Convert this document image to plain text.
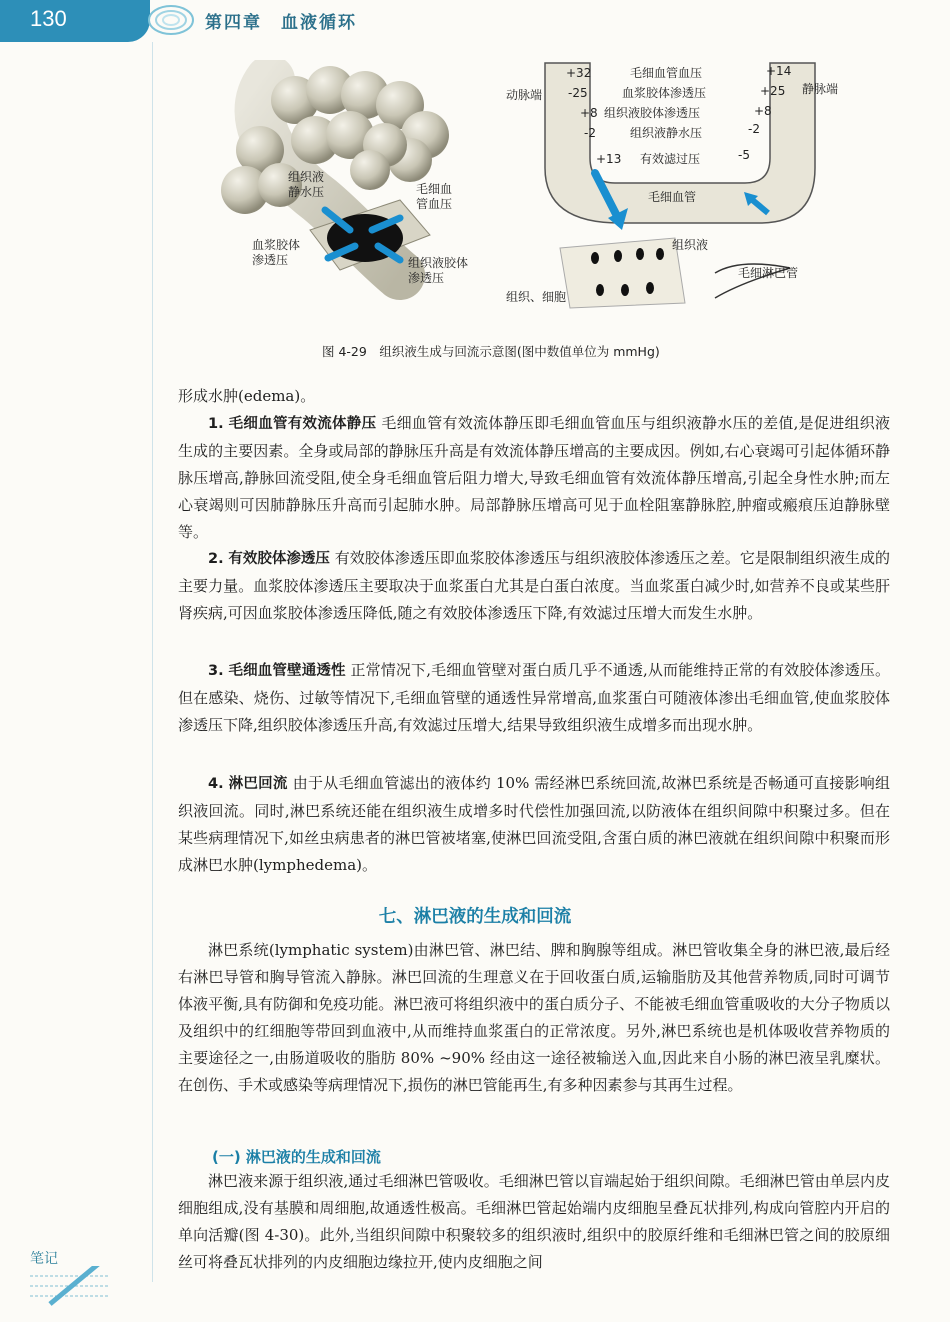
130	第四章　血液循环
组织液
静水压	毛细血
管血压
血浆胶体
渗透压	组织液胶体
渗透压
动脉端	静脉端
+32	毛细血管血压	+14
-25	血浆胶体渗透压	+25
+8 组织液胶体渗透压	+8
-2	组织液静水压	-2
+13 有效滤过压	-5
毛细血管
组织液
毛细淋巴管
组织、细胞
图 4-29　组织液生成与回流示意图(图中数值单位为 mmHg)

形成水肿(edema)。

1. 毛细血管有效流体静压 毛细血管有效流体静压即毛细血管血压与组织液静水压的差值,是促进组织液生成的主要因素。全身或局部的静脉压升高是有效流体静压增高的主要成因。例如,右心衰竭可引起体循环静脉压增高,静脉回流受阻,使全身毛细血管后阻力增大,导致毛细血管有效流体静压增高,引起全身性水肿;而左心衰竭则可因肺静脉压升高而引起肺水肿。局部静脉压增高可见于血栓阻塞静脉腔,肿瘤或瘢痕压迫静脉壁等。

2. 有效胶体渗透压 有效胶体渗透压即血浆胶体渗透压与组织液胶体渗透压之差。它是限制组织液生成的主要力量。血浆胶体渗透压主要取决于血浆蛋白尤其是白蛋白浓度。当血浆蛋白减少时,如营养不良或某些肝肾疾病,可因血浆胶体渗透压降低,随之有效胶体渗透压下降,有效滤过压增大而发生水肿。

3. 毛细血管壁通透性 正常情况下,毛细血管壁对蛋白质几乎不通透,从而能维持正常的有效胶体渗透压。但在感染、烧伤、过敏等情况下,毛细血管壁的通透性异常增高,血浆蛋白可随液体渗出毛细血管,使血浆胶体渗透压下降,组织胶体渗透压升高,有效滤过压增大,结果导致组织液生成增多而出现水肿。

4. 淋巴回流 由于从毛细血管滤出的液体约 10% 需经淋巴系统回流,故淋巴系统是否畅通可直接影响组织液回流。同时,淋巴系统还能在组织液生成增多时代偿性加强回流,以防液体在组织间隙中积聚过多。但在某些病理情况下,如丝虫病患者的淋巴管被堵塞,使淋巴回流受阻,含蛋白质的淋巴液就在组织间隙中积聚而形成淋巴水肿(lymphedema)。

七、淋巴液的生成和回流

淋巴系统(lymphatic system)由淋巴管、淋巴结、脾和胸腺等组成。淋巴管收集全身的淋巴液,最后经右淋巴导管和胸导管流入静脉。淋巴回流的生理意义在于回收蛋白质,运输脂肪及其他营养物质,同时可调节体液平衡,具有防御和免疫功能。淋巴液可将组织液中的蛋白质分子、不能被毛细血管重吸收的大分子物质以及组织中的红细胞等带回到血液中,从而维持血浆蛋白的正常浓度。另外,淋巴系统也是机体吸收营养物质的主要途径之一,由肠道吸收的脂肪 80% ~90% 经由这一途径被输送入血,因此来自小肠的淋巴液呈乳糜状。在创伤、手术或感染等病理情况下,损伤的淋巴管能再生,有多种因素参与其再生过程。

(一) 淋巴液的生成和回流

淋巴液来源于组织液,通过毛细淋巴管吸收。毛细淋巴管以盲端起始于组织间隙。毛细淋巴管由单层内皮细胞组成,没有基膜和周细胞,故通透性极高。毛细淋巴管起始端内皮细胞呈叠瓦状排列,构成向管腔内开启的单向活瓣(图 4-30)。此外,当组织间隙中积聚较多的组织液时,组织中的胶原纤维和毛细淋巴管之间的胶原细丝可将叠瓦状排列的内皮细胞边缘拉开,使内皮细胞之间

笔记
